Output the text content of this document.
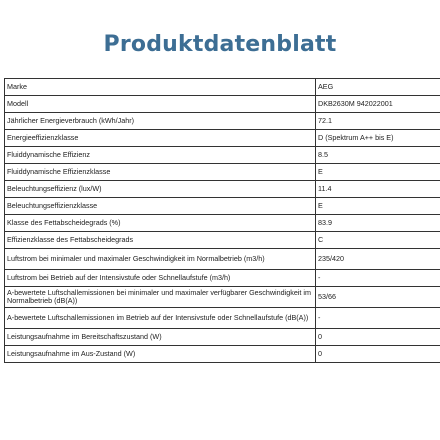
Produktdatenblatt
Marke	AEG
Modell	DKB2630M 942022001
Jährlicher Energieverbrauch (kWh/Jahr)	72.1
Energieeffizienzklasse	D (Spektrum A++ bis E)
Fluiddynamische Effizienz	8.5
Fluiddynamische Effizienzklasse	E
Beleuchtungseffizienz (lux/W)	11.4
Beleuchtungseffizienzklasse	E
Klasse des Fettabscheidegrads (%)	83.9
Effizienzklasse des Fettabscheidegrads	C
Luftstrom bei minimaler und maximaler Geschwindigkeit im Normalbetrieb (m3/h)	235/420
Luftstrom bei Betrieb auf der Intensivstufe oder Schnellaufstufe (m3/h)	-
A-bewertete Luftschallemissionen bei minimaler und maximaler verfügbarer Geschwindigkeit im Normalbetrieb (dB(A))	53/66
A-bewertete Luftschallemissionen im Betrieb auf der Intensivstufe oder Schnellaufstufe (dB(A))	-
Leistungsaufnahme im Bereitschaftszustand (W)	0
Leistungsaufnahme im Aus-Zustand (W)	0
